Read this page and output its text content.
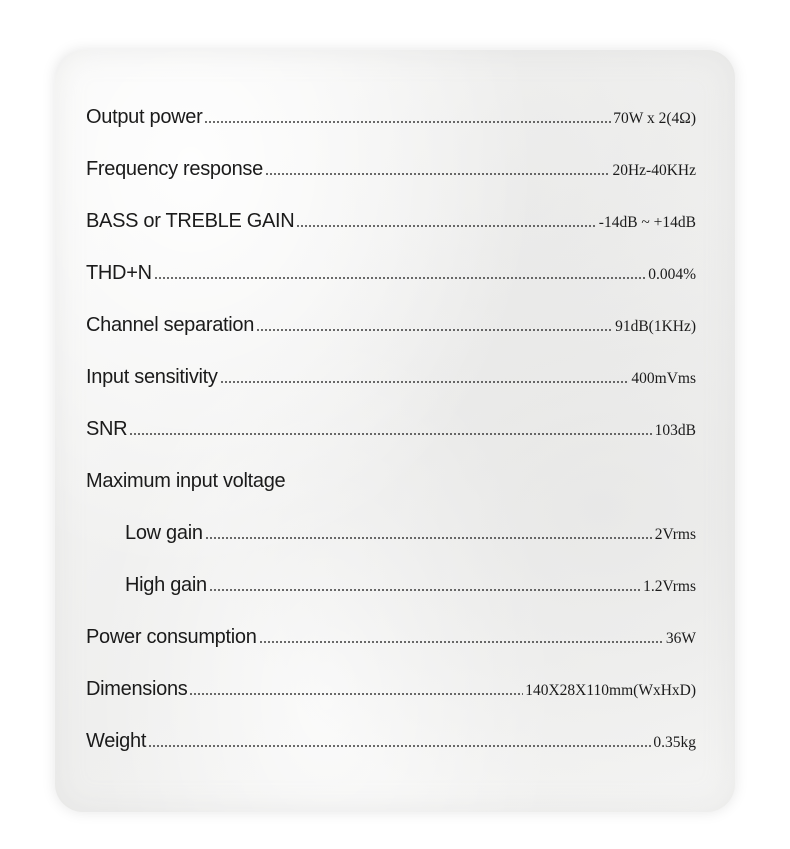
Output power	70W x 2(4Ω)
Frequency response	20Hz-40KHz
BASS or TREBLE GAIN	-14dB ~ +14dB
THD+N	0.004%
Channel separation	91dB(1KHz)
Input sensitivity	400mVms
SNR	103dB
Maximum input voltage
Low gain	2Vrms
High gain	1.2Vrms
Power consumption	36W
Dimensions	140X28X110mm(WxHxD)
Weight	0.35kg
